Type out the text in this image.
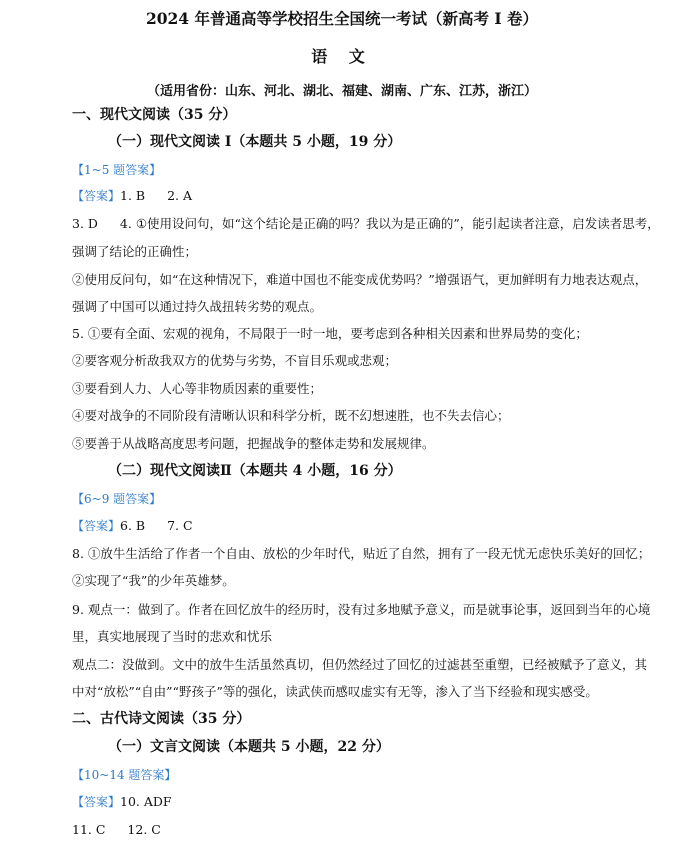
2024 年普通高等学校招生全国统一考试（新高考 I 卷）
语 文
（适用省份：山东、河北、湖北、福建、湖南、广东、江苏，浙江）
一、现代文阅读（35 分）
（一）现代文阅读 I（本题共 5 小题，19 分）
【1~5 题答案】
【答案】1. B 2. A
3. D 4. ①使用设问句，如“这个结论是正确的吗？我以为是正确的”，能引起读者注意，启发读者思考，
强调了结论的正确性；
②使用反问句，如“在这种情况下，难道中国也不能变成优势吗？”增强语气，更加鲜明有力地表达观点，
强调了中国可以通过持久战扭转劣势的观点。
5. ①要有全面、宏观的视角，不局限于一时一地，要考虑到各种相关因素和世界局势的变化；
②要客观分析敌我双方的优势与劣势，不盲目乐观或悲观；
③要看到人力、人心等非物质因素的重要性；
④要对战争的不同阶段有清晰认识和科学分析，既不幻想速胜，也不失去信心；
⑤要善于从战略高度思考问题，把握战争的整体走势和发展规律。
（二）现代文阅读Ⅱ（本题共 4 小题，16 分）
【6~9 题答案】
【答案】6. B 7. C
8. ①放牛生活给了作者一个自由、放松的少年时代，贴近了自然，拥有了一段无忧无虑快乐美好的回忆；
②实现了“我”的少年英雄梦。
9. 观点一：做到了。作者在回忆放牛的经历时，没有过多地赋予意义，而是就事论事，返回到当年的心境
里，真实地展现了当时的悲欢和忧乐
观点二：没做到。文中的放牛生活虽然真切，但仍然经过了回忆的过滤甚至重塑，已经被赋予了意义，其
中对“放松”“自由”“野孩子”等的强化，读武侠而感叹虚实有无等，渗入了当下经验和现实感受。
二、古代诗文阅读（35 分）
（一）文言文阅读（本题共 5 小题，22 分）
【10~14 题答案】
【答案】10. ADF
11. C 12. C
